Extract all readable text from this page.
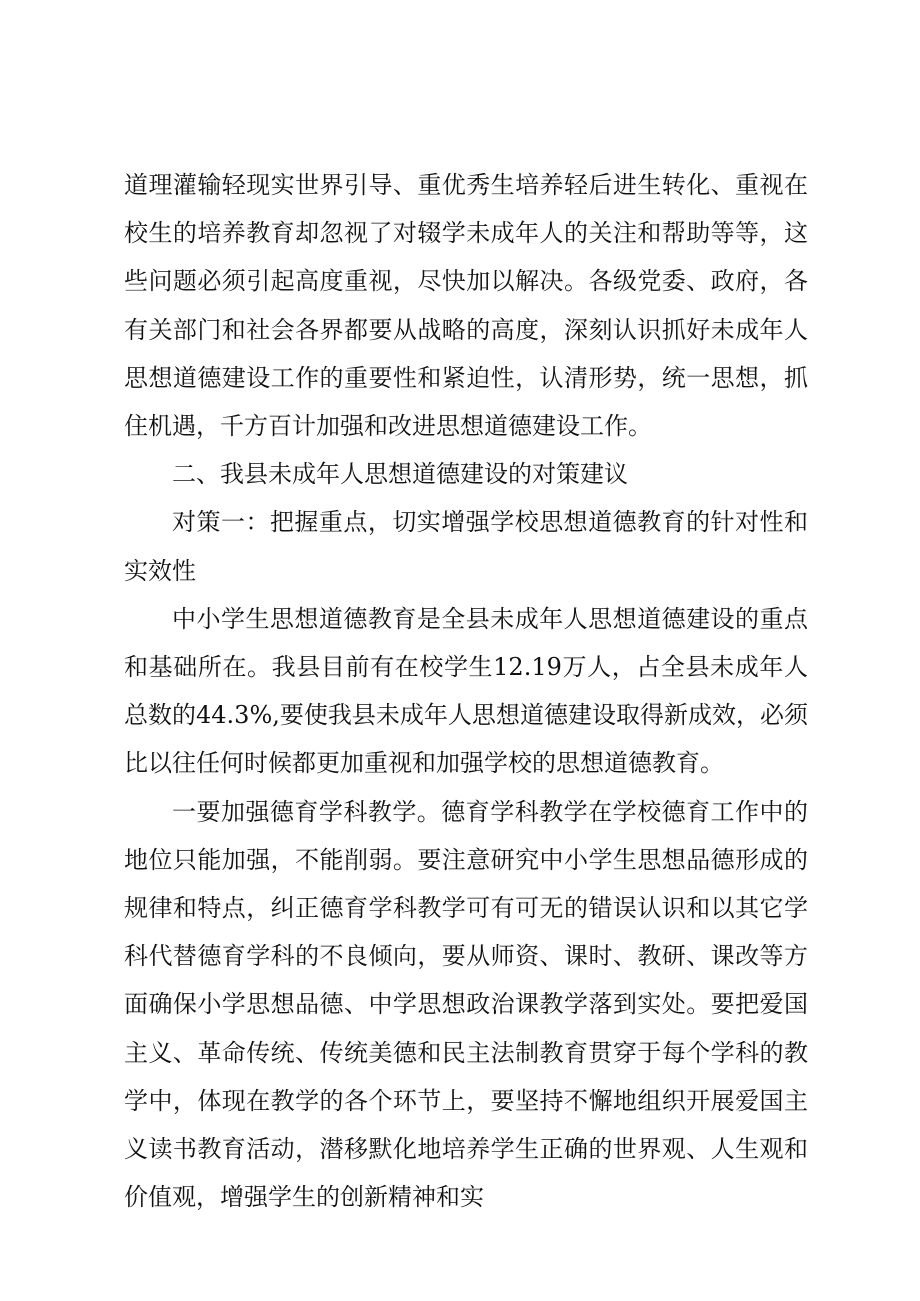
道理灌输轻现实世界引导、重优秀生培养轻后进生转化、重视在校生的培养教育却忽视了对辍学未成年人的关注和帮助等等，这些问题必须引起高度重视，尽快加以解决。各级党委、政府，各有关部门和社会各界都要从战略的高度，深刻认识抓好未成年人思想道德建设工作的重要性和紧迫性，认清形势，统一思想，抓住机遇，千方百计加强和改进思想道德建设工作。

二、我县未成年人思想道德建设的对策建议

对策一：把握重点，切实增强学校思想道德教育的针对性和实效性

中小学生思想道德教育是全县未成年人思想道德建设的重点和基础所在。我县目前有在校学生12.19万人，占全县未成年人总数的44.3%,要使我县未成年人思想道德建设取得新成效，必须比以往任何时候都更加重视和加强学校的思想道德教育。

一要加强德育学科教学。德育学科教学在学校德育工作中的地位只能加强，不能削弱。要注意研究中小学生思想品德形成的规律和特点，纠正德育学科教学可有可无的错误认识和以其它学科代替德育学科的不良倾向，要从师资、课时、教研、课改等方面确保小学思想品德、中学思想政治课教学落到实处。要把爱国主义、革命传统、传统美德和民主法制教育贯穿于每个学科的教学中，体现在教学的各个环节上，要坚持不懈地组织开展爱国主义读书教育活动，潜移默化地培养学生正确的世界观、人生观和价值观，增强学生的创新精神和实
